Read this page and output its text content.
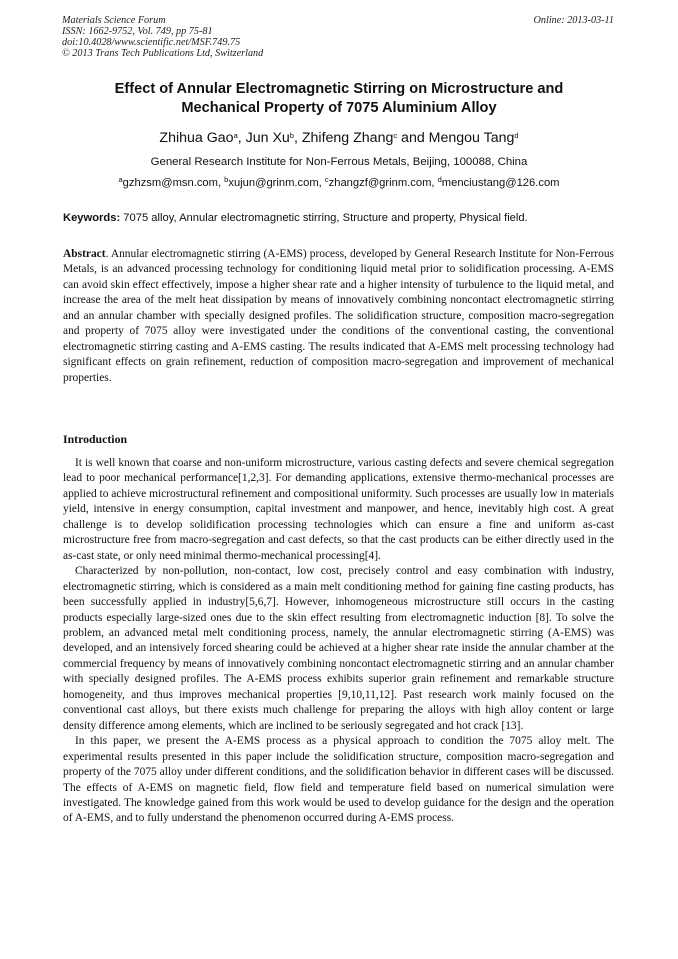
Materials Science Forum
ISSN: 1662-9752, Vol. 749, pp 75-81
doi:10.4028/www.scientific.net/MSF.749.75
© 2013 Trans Tech Publications Ltd, Switzerland
Online: 2013-03-11
Effect of Annular Electromagnetic Stirring on Microstructure and
Mechanical Property of 7075 Aluminium Alloy
Zhihua Gao$^a$, Jun Xu$^b$, Zhifeng Zhang$^c$ and Mengou Tang$^d$
General Research Institute for Non-Ferrous Metals, Beijing, 100088, China
$^a$gzhzsm@msn.com, $^b$xujun@grinm.com, $^c$zhangzf@grinm.com, $^d$menciustang@126.com
Keywords: 7075 alloy, Annular electromagnetic stirring, Structure and property, Physical field.
Abstract. Annular electromagnetic stirring (A-EMS) process, developed by General Research Institute for Non-Ferrous Metals, is an advanced processing technology for conditioning liquid metal prior to solidification processing. A-EMS can avoid skin effect effectively, impose a higher shear rate and a higher intensity of turbulence to the liquid metal, and increase the area of the melt heat dissipation by means of innovatively combining noncontact electromagnetic stirring and an annular chamber with specially designed profiles. The solidification structure, composition macro-segregation and property of 7075 alloy were investigated under the conditions of the conventional casting, the conventional electromagnetic stirring casting and A-EMS casting. The results indicated that A-EMS melt processing technology had significant effects on grain refinement, reduction of composition macro-segregation and improvement of mechanical properties.
Introduction

It is well known that coarse and non-uniform microstructure, various casting defects and severe chemical segregation lead to poor mechanical performance[1,2,3]. For demanding applications, extensive thermo-mechanical processes are applied to achieve microstructural refinement and compositional uniformity. Such processes are usually low in materials yield, intensive in energy consumption, capital investment and manpower, and hence, inevitably high cost. A great challenge is to develop solidification processing technologies which can ensure a fine and uniform as-cast microstructure free from macro-segregation and cast defects, so that the cast products can be either directly used in the as-cast state, or only need minimal thermo-mechanical processing[4].

Characterized by non-pollution, non-contact, low cost, precisely control and easy combination with industry, electromagnetic stirring, which is considered as a main melt conditioning method for gaining fine casting products, has been successfully applied in industry[5,6,7]. However, inhomogeneous microstructure still occurs in the casting products especially large-sized ones due to the skin effect resulting from electromagnetic induction [8]. To solve the problem, an advanced metal melt conditioning process, namely, the annular electromagnetic stirring (A-EMS) was developed, and an intensively forced shearing could be achieved at a higher shear rate inside the annular chamber at the commercial frequency by means of innovatively combining noncontact electromagnetic stirring and an annular chamber with specially designed profiles. The A-EMS process exhibits superior grain refinement and remarkable structure homogeneity, and thus improves mechanical properties [9,10,11,12]. Past research work mainly focused on the conventional cast alloys, but there exists much challenge for preparing the alloys with high alloy content or large density difference among elements, which are inclined to be seriously segregated and hot crack [13].

In this paper, we present the A-EMS process as a physical approach to condition the 7075 alloy melt. The experimental results presented in this paper include the solidification structure, composition macro-segregation and property of the 7075 alloy under different conditions, and the solidification behavior in different cases will be discussed. The effects of A-EMS on magnetic field, flow field and temperature field based on numerical simulation were investigated. The knowledge gained from this work would be used to develop guidance for the design and the operation of A-EMS, and to fully understand the phenomenon occurred during A-EMS process.
